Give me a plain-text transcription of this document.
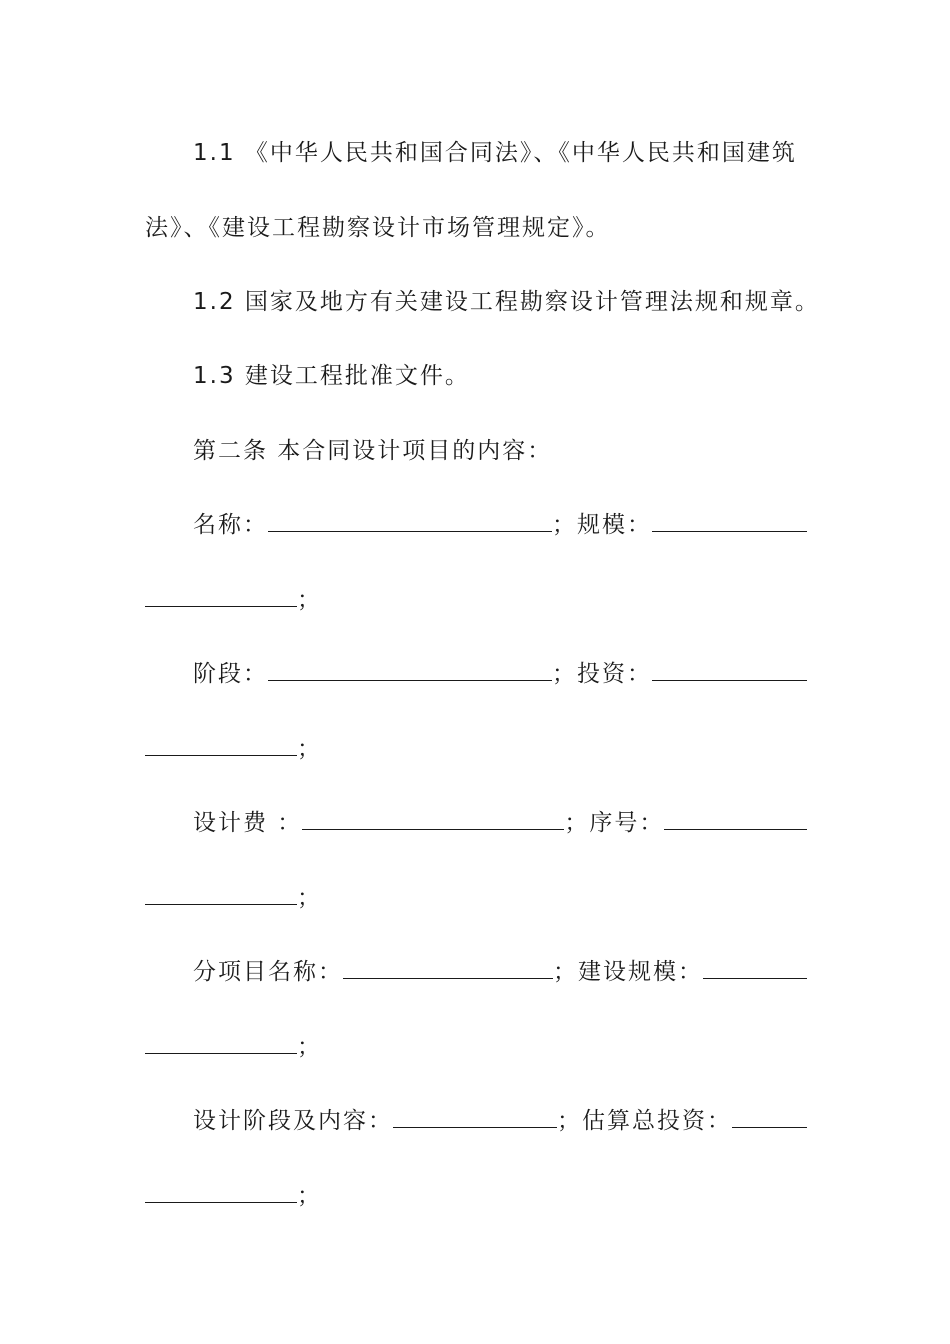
1.1 《中华人民共和国合同法》、《中华人民共和国建筑
法》、《建设工程勘察设计市场管理规定》。
1.2 国家及地方有关建设工程勘察设计管理法规和规章。
1.3 建设工程批准文件。
第二条 本合同设计项目的内容：
名称：	； 规模：
；
阶段：	； 投资：
；
设计费 ：	； 序号：
；
分项目名称：	； 建设规模：
；
设计阶段及内容：	； 估算总投资：
；
